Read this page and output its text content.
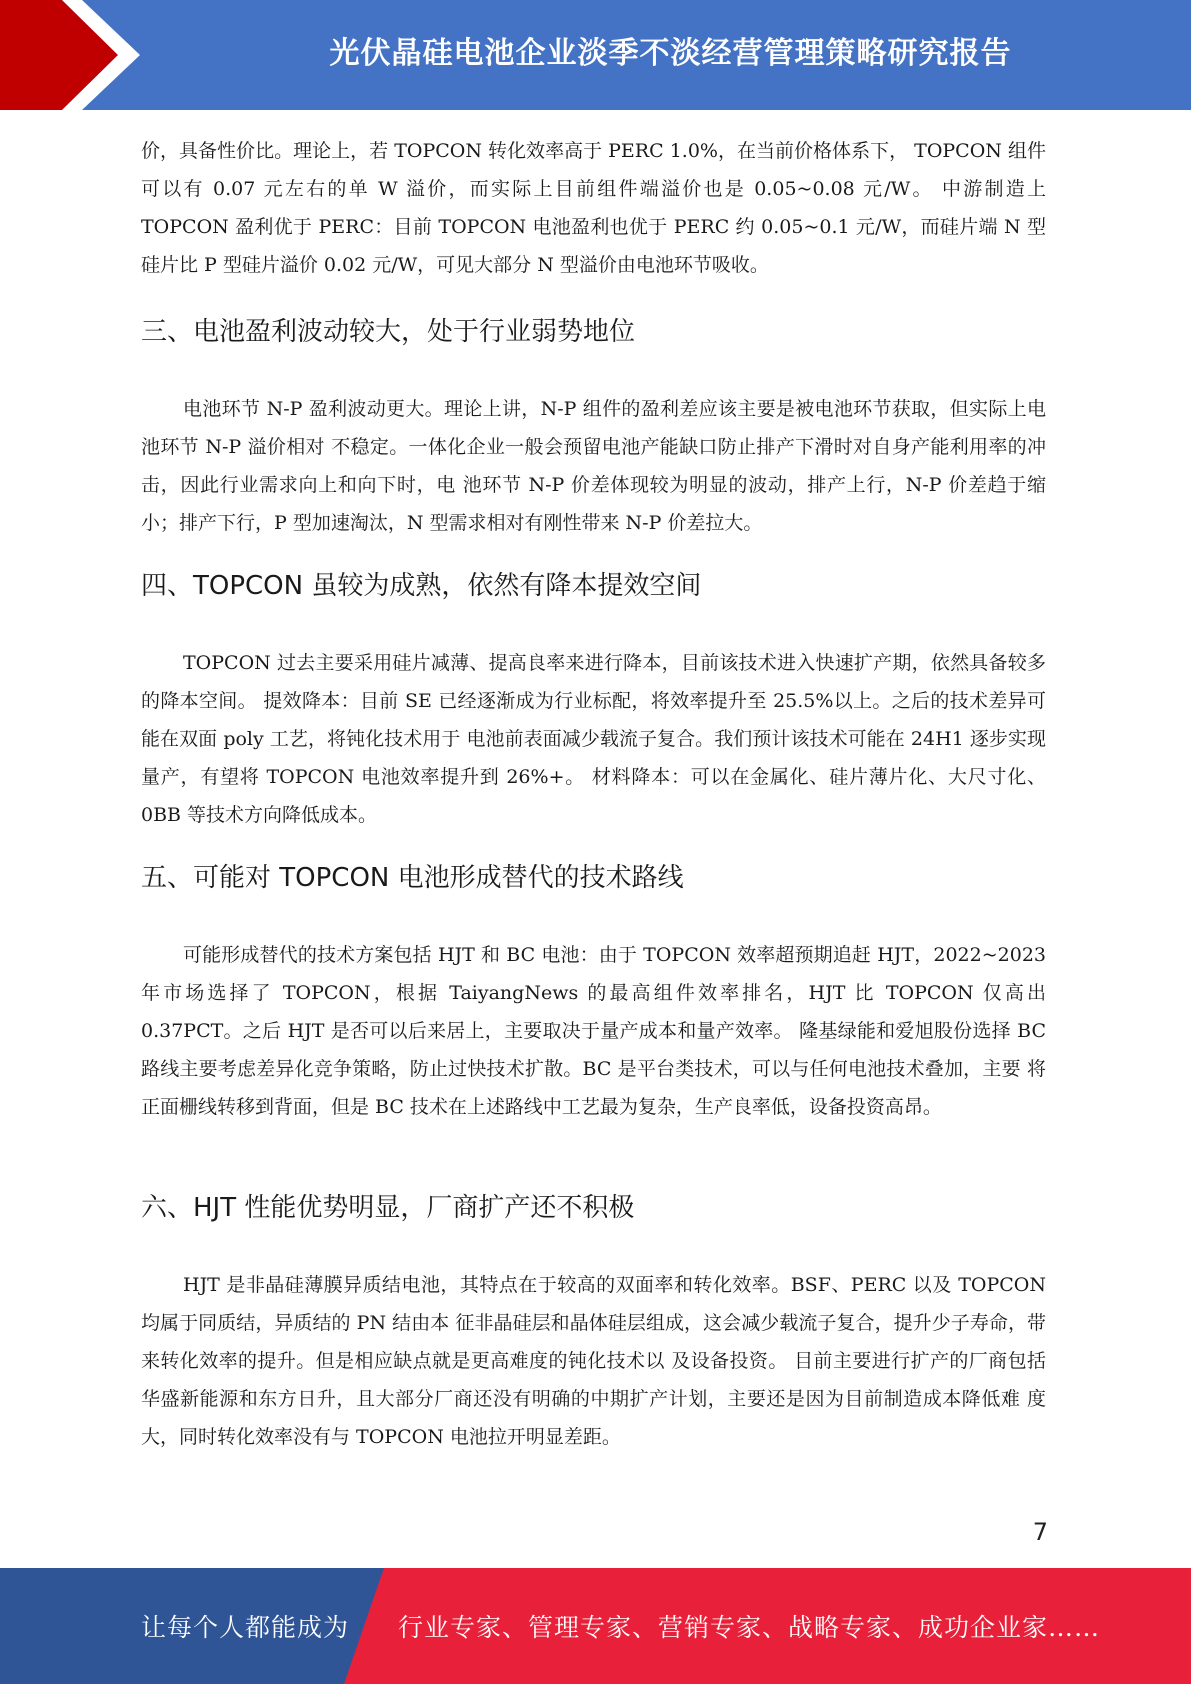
光伏晶硅电池企业淡季不淡经营管理策略研究报告

价，具备性价比。理论上，若 TOPCON 转化效率高于 PERC 1.0%，在当前价格体系下， TOPCON 组件可以有 0.07 元左右的单 W 溢价，而实际上目前组件端溢价也是 0.05~0.08 元/W。 中游制造上 TOPCON 盈利优于 PERC：目前 TOPCON 电池盈利也优于 PERC 约 0.05~0.1 元/W，而硅片端 N 型硅片比 P 型硅片溢价 0.02 元/W，可见大部分 N 型溢价由电池环节吸收。

三、电池盈利波动较大，处于行业弱势地位

电池环节 N-P 盈利波动更大。理论上讲，N-P 组件的盈利差应该主要是被电池环节获取，但实际上电池环节 N-P 溢价相对 不稳定。一体化企业一般会预留电池产能缺口防止排产下滑时对自身产能利用率的冲击，因此行业需求向上和向下时，电 池环节 N-P 价差体现较为明显的波动，排产上行，N-P 价差趋于缩小；排产下行，P 型加速淘汰，N 型需求相对有刚性带来 N-P 价差拉大。

四、TOPCON 虽较为成熟，依然有降本提效空间

TOPCON 过去主要采用硅片减薄、提高良率来进行降本，目前该技术进入快速扩产期，依然具备较多的降本空间。 提效降本：目前 SE 已经逐渐成为行业标配，将效率提升至 25.5%以上。之后的技术差异可能在双面 poly 工艺，将钝化技术用于 电池前表面减少载流子复合。我们预计该技术可能在 24H1 逐步实现量产，有望将 TOPCON 电池效率提升到 26%+。 材料降本：可以在金属化、硅片薄片化、大尺寸化、0BB 等技术方向降低成本。

五、可能对 TOPCON 电池形成替代的技术路线

可能形成替代的技术方案包括 HJT 和 BC 电池：由于 TOPCON 效率超预期追赶 HJT，2022~2023 年市场选择了 TOPCON，根据 TaiyangNews 的最高组件效率排名，HJT 比 TOPCON 仅高出 0.37PCT。之后 HJT 是否可以后来居上，主要取决于量产成本和量产效率。 隆基绿能和爱旭股份选择 BC 路线主要考虑差异化竞争策略，防止过快技术扩散。BC 是平台类技术，可以与任何电池技术叠加，主要 将正面栅线转移到背面，但是 BC 技术在上述路线中工艺最为复杂，生产良率低，设备投资高昂。

六、HJT 性能优势明显，厂商扩产还不积极

HJT 是非晶硅薄膜异质结电池，其特点在于较高的双面率和转化效率。BSF、PERC 以及 TOPCON 均属于同质结，异质结的 PN 结由本 征非晶硅层和晶体硅层组成，这会减少载流子复合，提升少子寿命，带来转化效率的提升。但是相应缺点就是更高难度的钝化技术以 及设备投资。 目前主要进行扩产的厂商包括华盛新能源和东方日升，且大部分厂商还没有明确的中期扩产计划，主要还是因为目前制造成本降低难 度大，同时转化效率没有与 TOPCON 电池拉开明显差距。

7
让每个人都能成为 行业专家、管理专家、营销专家、战略专家、成功企业家……
